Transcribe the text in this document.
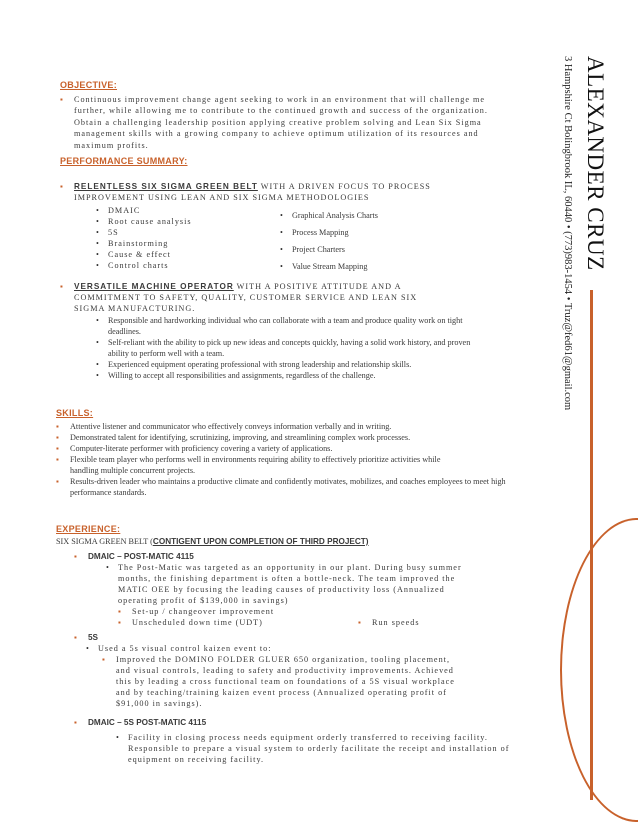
ALEXANDER CRUZ
3 Hampshire Ct Bolingbrook IL, 60440 • (773)983-1454 • Truz@fed61@gmail.com

OBJECTIVE:

▪ Continuous improvement change agent seeking to work in an environment that will challenge me further, while allowing me to contribute to the continued growth and success of the organization. Obtain a challenging leadership position applying creative problem solving and Lean Six Sigma management skills with a growing company to achieve optimum utilization of its resources and maximum profits.

PERFORMANCE SUMMARY:

▪ RELENTLESS SIX SIGMA GREEN BELT WITH A DRIVEN FOCUS TO PROCESS IMPROVEMENT USING LEAN AND SIX SIGMA METHODOLOGIES
• DMAIC
• Root cause analysis
• 5S
• Brainstorming
• Cause & effect
• Control charts
• Graphical Analysis Charts
• Process Mapping
• Project Charters
• Value Stream Mapping
▪ VERSATILE MACHINE OPERATOR WITH A POSITIVE ATTITUDE AND A COMMITMENT TO SAFETY, QUALITY, CUSTOMER SERVICE AND LEAN SIX SIGMA MANUFACTURING.
• Responsible and hardworking individual who can collaborate with a team and produce quality work on tight deadlines.
• Self-reliant with the ability to pick up new ideas and concepts quickly, having a solid work history, and proven ability to perform well with a team.
• Experienced equipment operating professional with strong leadership and relationship skills.
• Willing to accept all responsibilities and assignments, regardless of the challenge.

SKILLS:

▪ Attentive listener and communicator who effectively conveys information verbally and in writing.
▪ Demonstrated talent for identifying, scrutinizing, improving, and streamlining complex work processes.
▪ Computer-literate performer with proficiency covering a variety of applications.
▪ Flexible team player who performs well in environments requiring ability to effectively prioritize activities while handling multiple concurrent projects.
▪ Results-driven leader who maintains a productive climate and confidently motivates, mobilizes, and coaches employees to meet high performance standards.

EXPERIENCE:

SIX SIGMA GREEN BELT (CONTIGENT UPON COMPLETION OF THIRD PROJECT)
▪ DMAIC – POST-MATIC 4115
• The Post-Matic was targeted as an opportunity in our plant. During busy summer months, the finishing department is often a bottle-neck. The team improved the MATIC OEE by focusing the leading causes of productivity loss (Annualized operating profit of $139,000 in savings)
▪ Set-up / changeover improvement
▪ Unscheduled down time (UDT)
▪	Run speeds
▪ 5S
• Used a 5s visual control kaizen event to:
▪ Improved the DOMINO FOLDER GLUER 650 organization, tooling placement, and visual controls, leading to safety and productivity improvements. Achieved this by leading a cross functional team on foundations of a 5S visual workplace and by teaching/training kaizen event process (Annualized operating profit of $91,000 in savings).
▪ DMAIC – 5S POST-MATIC 4115
• Facility in closing process needs equipment orderly transferred to receiving facility. Responsible to prepare a visual system to orderly facilitate the receipt and installation of equipment on receiving facility.
